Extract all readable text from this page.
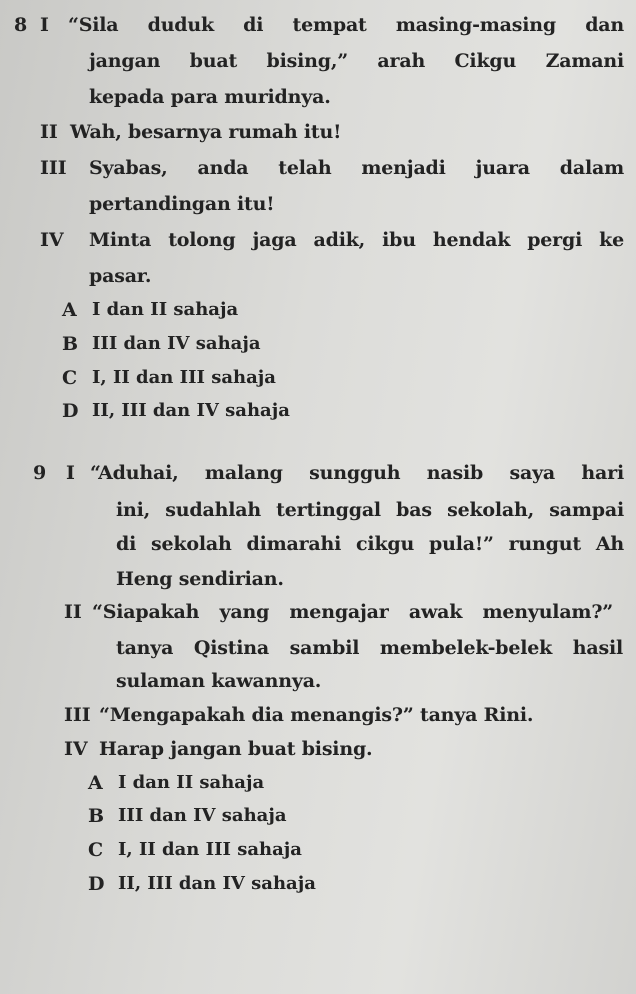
8 I “Sila duduk di tempat masing-masing dan
jangan buat bising,” arah Cikgu Zamani
kepada para muridnya.
II Wah, besarnya rumah itu!
III Syabas, anda telah menjadi juara dalam
pertandingan itu!
IV Minta tolong jaga adik, ibu hendak pergi ke
pasar.
A I dan II sahaja
B III dan IV sahaja
C I, II dan III sahaja
D II, III dan IV sahaja
9 I “Aduhai, malang sungguh nasib saya hari
ini, sudahlah tertinggal bas sekolah, sampai
di sekolah dimarahi cikgu pula!” rungut Ah
Heng sendirian.
II “Siapakah yang mengajar awak menyulam?”
tanya Qistina sambil membelek-belek hasil
sulaman kawannya.
III “Mengapakah dia menangis?” tanya Rini.
IV Harap jangan buat bising.
A I dan II sahaja
B III dan IV sahaja
C I, II dan III sahaja
D II, III dan IV sahaja
